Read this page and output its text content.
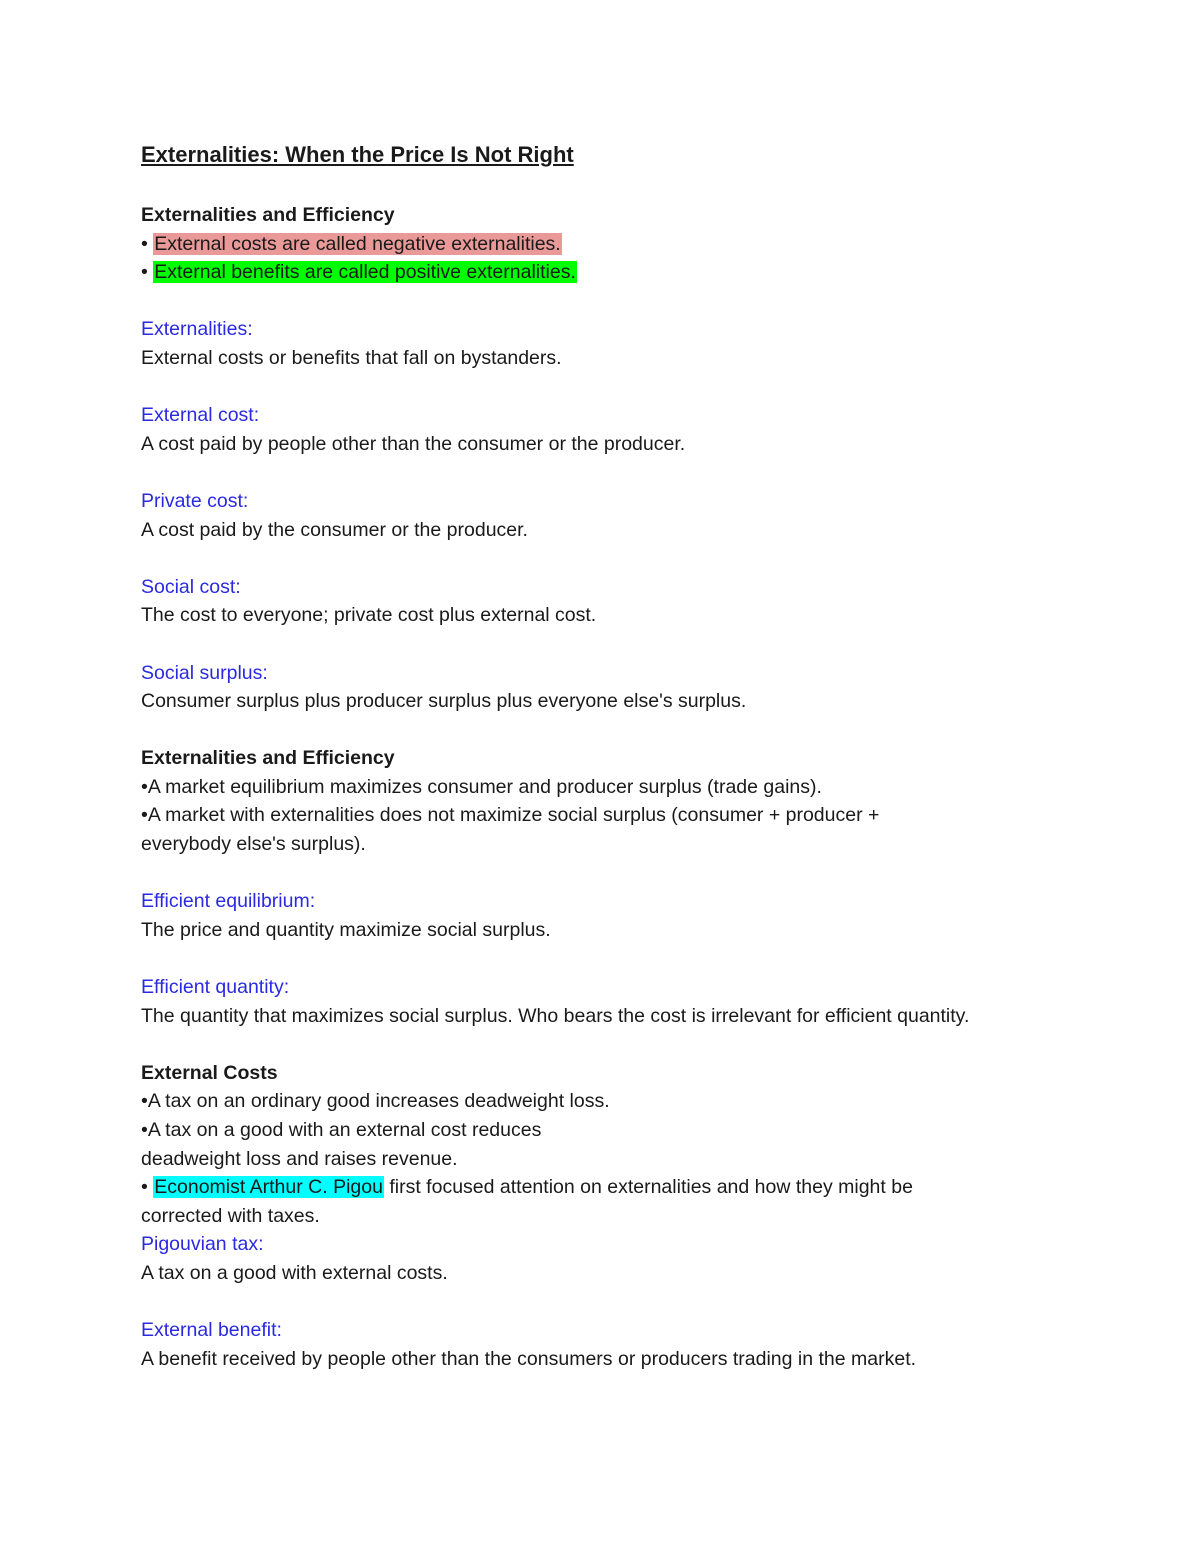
Externalities: When the Price Is Not Right

Externalities and Efficiency

• External costs are called negative externalities.

• External benefits are called positive externalities.

Externalities:

External costs or benefits that fall on bystanders.

External cost:

A cost paid by people other than the consumer or the producer.

Private cost:

A cost paid by the consumer or the producer.

Social cost:

The cost to everyone; private cost plus external cost.

Social surplus:

Consumer surplus plus producer surplus plus everyone else's surplus.

Externalities and Efficiency

•A market equilibrium maximizes consumer and producer surplus (trade gains).

•A market with externalities does not maximize social surplus (consumer + producer +

everybody else's surplus).

Efficient equilibrium:

The price and quantity maximize social surplus.

Efficient quantity:

The quantity that maximizes social surplus. Who bears the cost is irrelevant for efficient quantity.

External Costs

•A tax on an ordinary good increases deadweight loss.

•A tax on a good with an external cost reduces

deadweight loss and raises revenue.

• Economist Arthur C. Pigou first focused attention on externalities and how they might be

corrected with taxes.

Pigouvian tax:

A tax on a good with external costs.

External benefit:

A benefit received by people other than the consumers or producers trading in the market.
